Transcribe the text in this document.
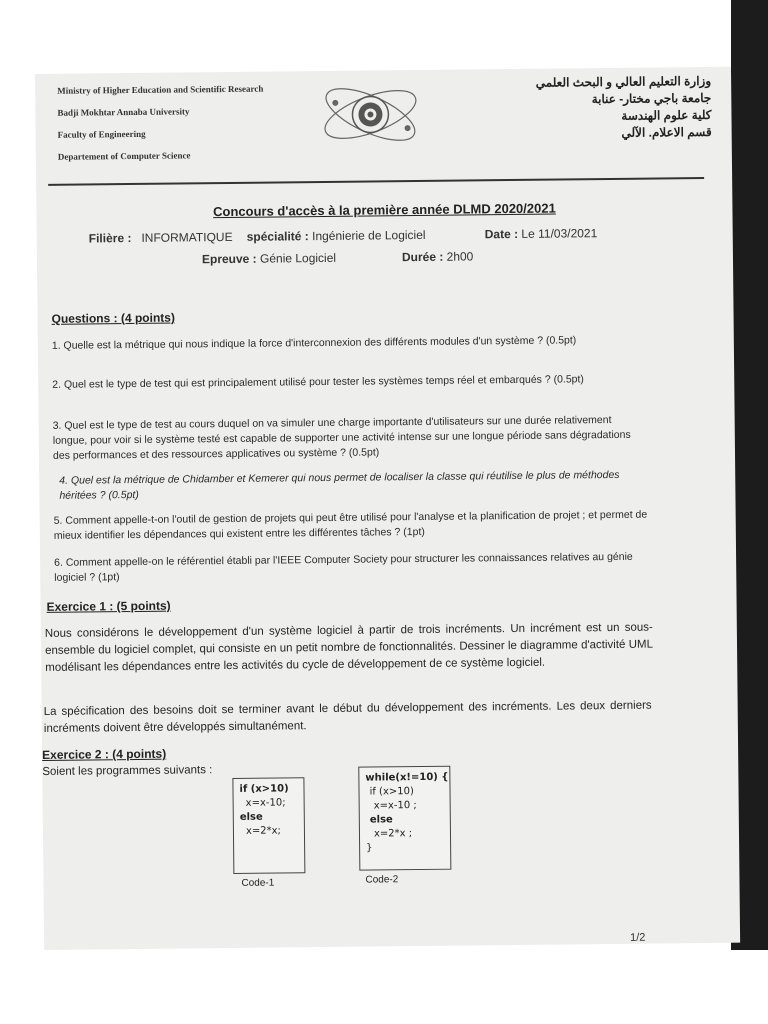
Ministry of Higher Education and Scientific Research
Badji Mokhtar Annaba University
Faculty of Engineering
Departement of Computer Science
وزارة التعليم العالي و البحث العلمي
جامعة باجي مختار- عنابة
كلية علوم الهندسة
قسم الاعلام. الآلي
Concours d'accès à la première année DLMD 2020/2021
Filière : INFORMATIQUE spécialité : Ingénierie de Logiciel	Date : Le 11/03/2021
Epreuve : Génie Logiciel	Durée : 2h00
Questions : (4 points)
1. Quelle est la métrique qui nous indique la force d'interconnexion des différents modules d'un système ? (0.5pt)
2. Quel est le type de test qui est principalement utilisé pour tester les systèmes temps réel et embarqués ? (0.5pt)
3. Quel est le type de test au cours duquel on va simuler une charge importante d'utilisateurs sur une durée relativement longue, pour voir si le système testé est capable de supporter une activité intense sur une longue période sans dégradations des performances et des ressources applicatives ou système ? (0.5pt)
4. Quel est la métrique de Chidamber et Kemerer qui nous permet de localiser la classe qui réutilise le plus de méthodes héritées ? (0.5pt)
5. Comment appelle-t-on l'outil de gestion de projets qui peut être utilisé pour l'analyse et la planification de projet ; et permet de mieux identifier les dépendances qui existent entre les différentes tâches ? (1pt)
6. Comment appelle-on le référentiel établi par l'IEEE Computer Society pour structurer les connaissances relatives au génie logiciel ? (1pt)
Exercice 1 : (5 points)
Nous considérons le développement d'un système logiciel à partir de trois incréments. Un incrément est un sous-ensemble du logiciel complet, qui consiste en un petit nombre de fonctionnalités. Dessiner le diagramme d'activité UML modélisant les dépendances entre les activités du cycle de développement de ce système logiciel.
La spécification des besoins doit se terminer avant le début du développement des incréments. Les deux derniers incréments doivent être développés simultanément.
Exercice 2 : (4 points)
Soient les programmes suivants :
if (x>10)
x=x-10;
else
x=2*x;
Code-1
while(x!=10) {
if (x>10)
x=x-10 ;
else
x=2*x ;
}
Code-2
1/2
